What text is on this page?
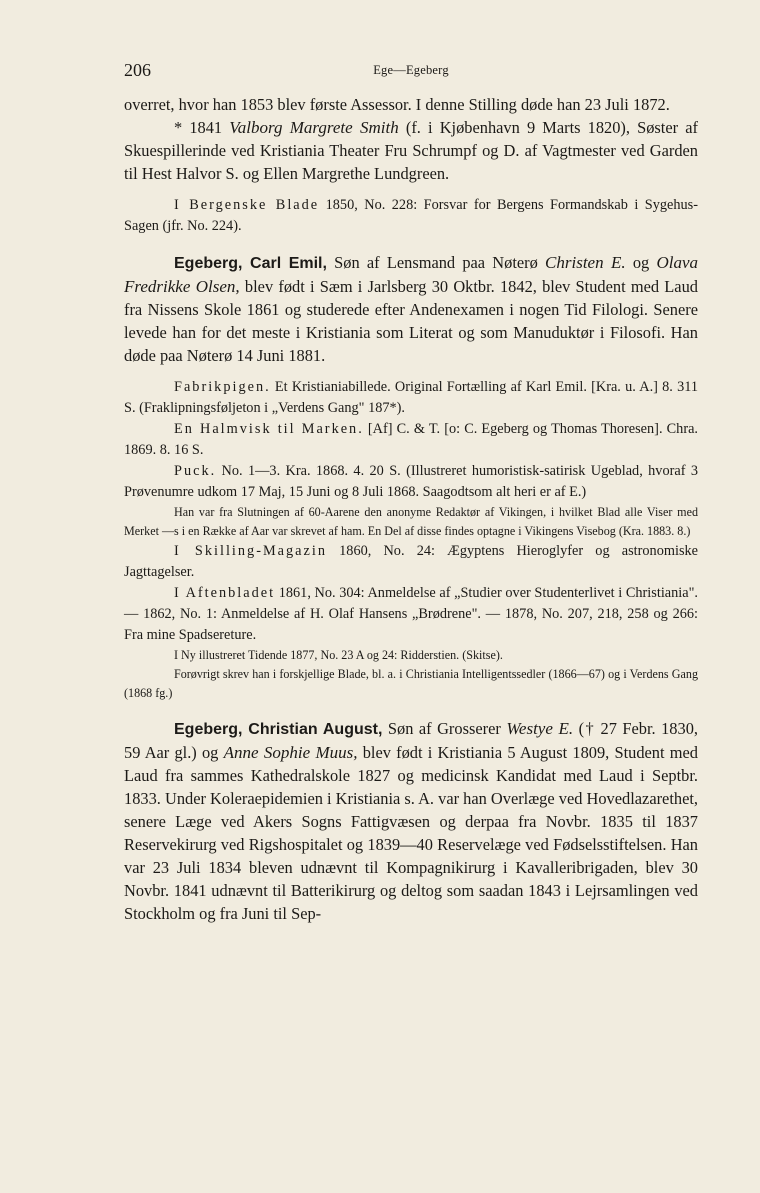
206	Ege—Egeberg

overret, hvor han 1853 blev første Assessor. I denne Stilling døde han 23 Juli 1872.

* 1841 Valborg Margrete Smith (f. i Kjøbenhavn 9 Marts 1820), Søster af Skuespillerinde ved Kristiania Theater Fru Schrumpf og D. af Vagtmester ved Garden til Hest Halvor S. og Ellen Margrethe Lundgreen.

I Bergenske Blade 1850, No. 228: Forsvar for Bergens Formandskab i Sygehus-Sagen (jfr. No. 224).

Egeberg, Carl Emil, Søn af Lensmand paa Nøterø Christen E. og Olava Fredrikke Olsen, blev født i Sæm i Jarlsberg 30 Oktbr. 1842, blev Student med Laud fra Nissens Skole 1861 og studerede efter Andenexamen i nogen Tid Filologi. Senere levede han for det meste i Kristiania som Literat og som Manuduktør i Filosofi. Han døde paa Nøterø 14 Juni 1881.

Fabrikpigen. Et Kristianiabillede. Original Fortælling af Karl Emil. [Kra. u. A.] 8. 311 S. (Fraklipningsføljeton i „Verdens Gang" 187*).

En Halmvisk til Marken. [Af] C. & T. [o: C. Egeberg og Thomas Thoresen]. Chra. 1869. 8. 16 S.

Puck. No. 1—3. Kra. 1868. 4. 20 S. (Illustreret humoristisk-satirisk Ugeblad, hvoraf 3 Prøvenumre udkom 17 Maj, 15 Juni og 8 Juli 1868. Saagodtsom alt heri er af E.)

Han var fra Slutningen af 60-Aarene den anonyme Redaktør af Vikingen, i hvilket Blad alle Viser med Merket —s i en Række af Aar var skrevet af ham. En Del af disse findes optagne i Vikingens Visebog (Kra. 1883. 8.)

I Skilling-Magazin 1860, No. 24: Ægyptens Hieroglyfer og astronomiske Jagttagelser.

I Aftenbladet 1861, No. 304: Anmeldelse af „Studier over Studenterlivet i Christiania". — 1862, No. 1: Anmeldelse af H. Olaf Hansens „Brødrene". — 1878, No. 207, 218, 258 og 266: Fra mine Spadsereture.

I Ny illustreret Tidende 1877, No. 23 A og 24: Ridderstien. (Skitse).

Forøvrigt skrev han i forskjellige Blade, bl. a. i Christiania Intelligentssedler (1866—67) og i Verdens Gang (1868 fg.)

Egeberg, Christian August, Søn af Grosserer Westye E. († 27 Febr. 1830, 59 Aar gl.) og Anne Sophie Muus, blev født i Kristiania 5 August 1809, Student med Laud fra sammes Kathedralskole 1827 og medicinsk Kandidat med Laud i Septbr. 1833. Under Koleraepidemien i Kristiania s. A. var han Overlæge ved Hovedlazarethet, senere Læge ved Akers Sogns Fattigvæsen og derpaa fra Novbr. 1835 til 1837 Reservekirurg ved Rigshospitalet og 1839—40 Reservelæge ved Fødselsstiftelsen. Han var 23 Juli 1834 bleven udnævnt til Kompagnikirurg i Kavalleribrigaden, blev 30 Novbr. 1841 udnævnt til Batterikirurg og deltog som saadan 1843 i Lejrsamlingen ved Stockholm og fra Juni til Sep-
